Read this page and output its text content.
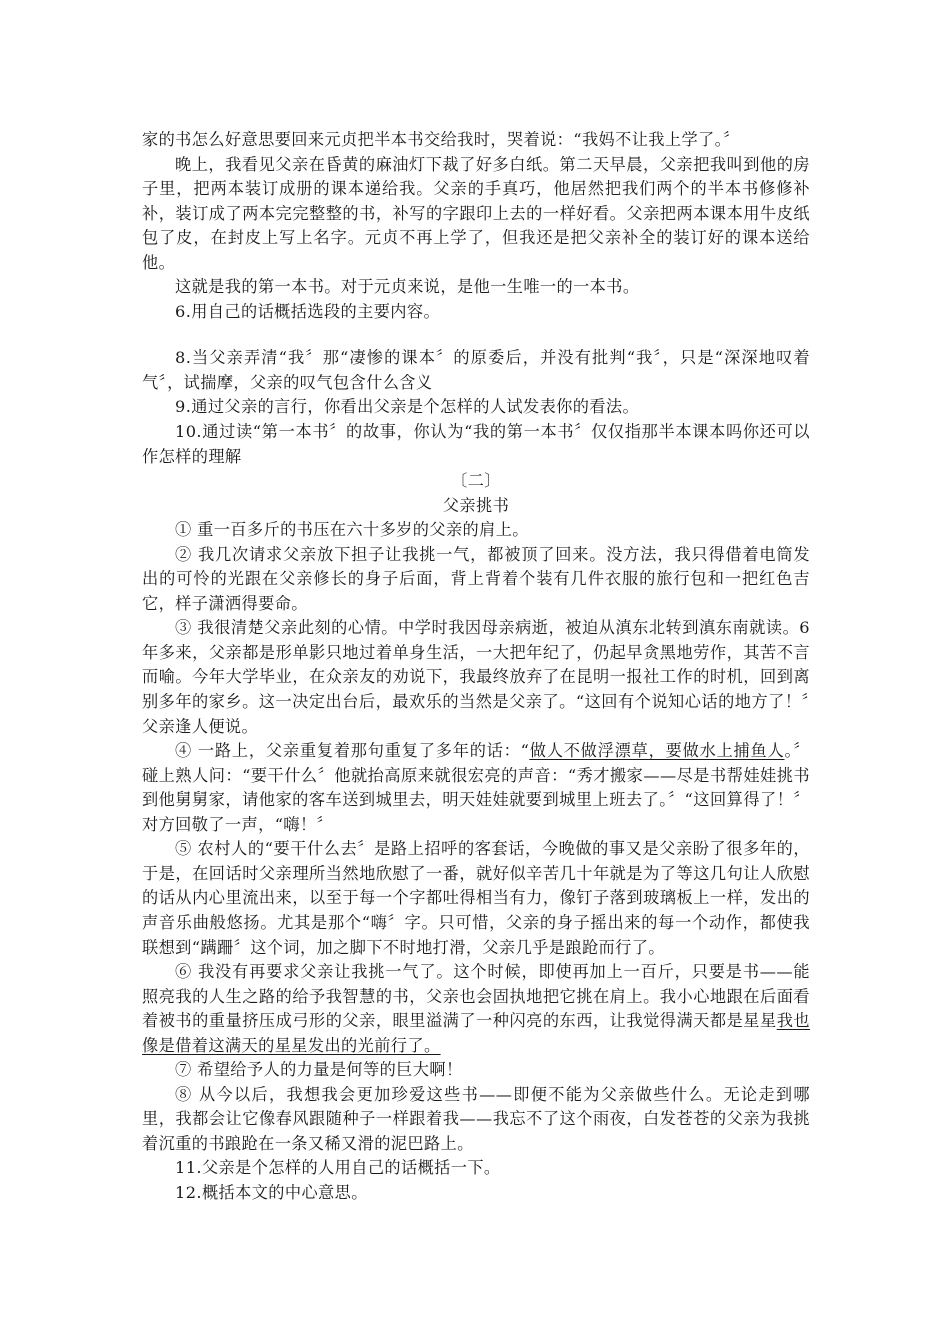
家的书怎么好意思要回来元贞把半本书交给我时，哭着说：“我妈不让我上学了。〞

晚上，我看见父亲在昏黄的麻油灯下裁了好多白纸。第二天早晨，父亲把我叫到他的房子里，把两本装订成册的课本递给我。父亲的手真巧，他居然把我们两个的半本书修修补补，装订成了两本完完整整的书，补写的字跟印上去的一样好看。父亲把两本课本用牛皮纸包了皮，在封皮上写上名字。元贞不再上学了，但我还是把父亲补全的装订好的课本送给他。

这就是我的第一本书。对于元贞来说，是他一生唯一的一本书。

6.用自己的话概括选段的主要内容。

8.当父亲弄清“我〞那“凄惨的课本〞的原委后，并没有批判“我〞，只是“深深地叹着气〞，试揣摩，父亲的叹气包含什么含义

9.通过父亲的言行，你看出父亲是个怎样的人试发表你的看法。

10.通过读“第一本书〞的故事，你认为“我的第一本书〞仅仅指那半本课本吗你还可以作怎样的理解

〔二〕

父亲挑书

① 重一百多斤的书压在六十多岁的父亲的肩上。

② 我几次请求父亲放下担子让我挑一气，都被顶了回来。没方法，我只得借着电筒发出的可怜的光跟在父亲修长的身子后面，背上背着个装有几件衣服的旅行包和一把红色吉它，样子潇洒得要命。

③ 我很清楚父亲此刻的心情。中学时我因母亲病逝，被迫从滇东北转到滇东南就读。6年多来，父亲都是形单影只地过着单身生活，一大把年纪了，仍起早贪黑地劳作，其苦不言而喻。今年大学毕业，在众亲友的劝说下，我最终放弃了在昆明一报社工作的时机，回到离别多年的家乡。这一决定出台后，最欢乐的当然是父亲了。“这回有个说知心话的地方了！〞父亲逢人便说。

④ 一路上，父亲重复着那句重复了多年的话：“做人不做浮漂草，要做水上捕鱼人。〞碰上熟人问：“要干什么〞他就抬高原来就很宏亮的声音：“秀才搬家——尽是书帮娃娃挑书到他舅舅家，请他家的客车送到城里去，明天娃娃就要到城里上班去了。〞“这回算得了！〞对方回敬了一声，“嗨！〞

⑤ 农村人的“要干什么去〞是路上招呼的客套话，今晚做的事又是父亲盼了很多年的，于是，在回话时父亲理所当然地欣慰了一番，就好似辛苦几十年就是为了等这几句让人欣慰的话从内心里流出来，以至于每一个字都吐得相当有力，像钉子落到玻璃板上一样，发出的声音乐曲般悠扬。尤其是那个“嗨〞字。只可惜，父亲的身子摇出来的每一个动作，都使我联想到“蹒跚〞这个词，加之脚下不时地打滑，父亲几乎是踉跄而行了。

⑥ 我没有再要求父亲让我挑一气了。这个时候，即使再加上一百斤，只要是书——能照亮我的人生之路的给予我智慧的书，父亲也会固执地把它挑在肩上。我小心地跟在后面看着被书的重量挤压成弓形的父亲，眼里溢满了一种闪亮的东西，让我觉得满天都是星星我也像是借着这满天的星星发出的光前行了。

⑦ 希望给予人的力量是何等的巨大啊！

⑧ 从今以后，我想我会更加珍爱这些书——即便不能为父亲做些什么。无论走到哪里，我都会让它像春风跟随种子一样跟着我——我忘不了这个雨夜，白发苍苍的父亲为我挑着沉重的书踉跄在一条又稀又滑的泥巴路上。

11.父亲是个怎样的人用自己的话概括一下。

12.概括本文的中心意思。
